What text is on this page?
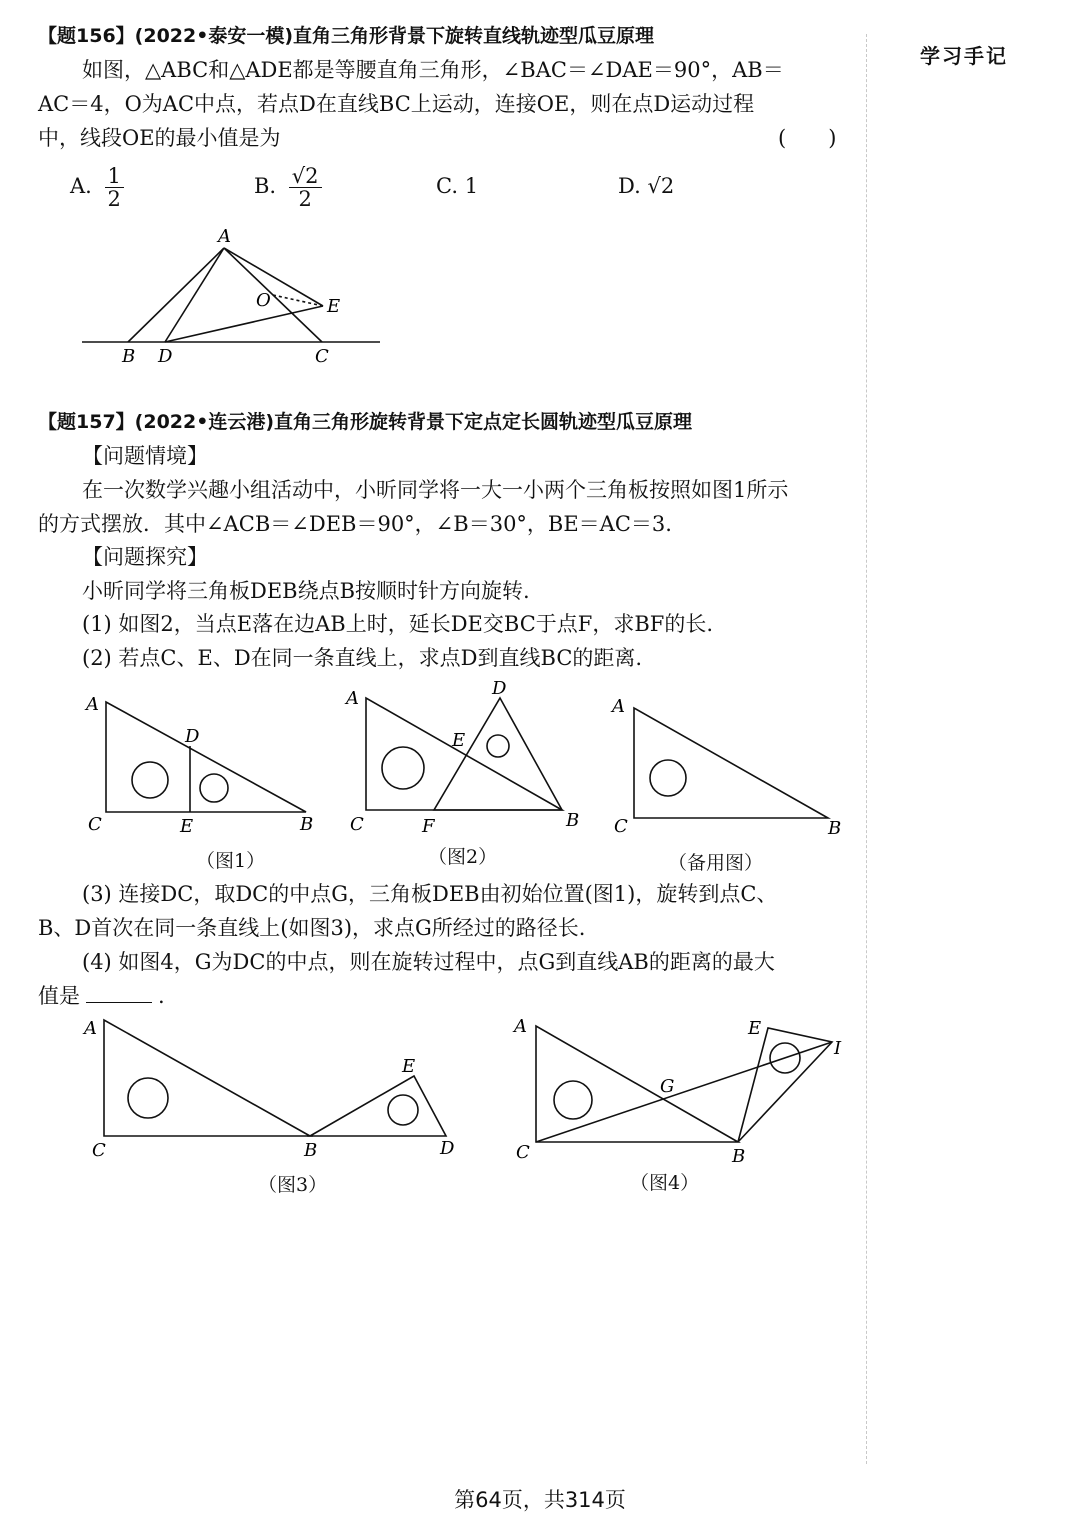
学习手记
【题156】(2022•泰安一模)直角三角形背景下旋转直线轨迹型瓜豆原理
如图，△ABC和△ADE都是等腰直角三角形，∠BAC＝∠DAE＝90°，AB＝
AC＝4，O为AC中点，若点D在直线BC上运动，连接OE，则在点D运动过程
中，线段OE的最小值是为	(　　)
A. $\frac{1}{2}$	B. $\frac{√2}{2}$	C. 1	D. √2
A
B D	C
O	E
【题157】(2022•连云港)直角三角形旋转背景下定点定长圆轨迹型瓜豆原理
【问题情境】
在一次数学兴趣小组活动中，小昕同学将一大一小两个三角板按照如图1所示
的方式摆放．其中∠ACB＝∠DEB＝90°，∠B＝30°，BE＝AC＝3.
【问题探究】
小昕同学将三角板DEB绕点B按顺时针方向旋转.
(1) 如图2，当点E落在边AB上时，延长DE交BC于点F，求BF的长.
(2) 若点C、E、D在同一条直线上，求点D到直线BC的距离.
A
C	E	B
D
（图1）
A
C	F	B
D
E
（图2）
A
C	B
（备用图）
(3) 连接DC，取DC的中点G，三角板DEB由初始位置(图1)，旋转到点C、
B、D首次在同一条直线上(如图3)，求点G所经过的路径长.
(4) 如图4，G为DC的中点，则在旋转过程中，点G到直线AB的距离的最大
值是	.
A
C	B
E
D
（图3）
A
C	B
E
I
G
（图4）
第64页，共314页
